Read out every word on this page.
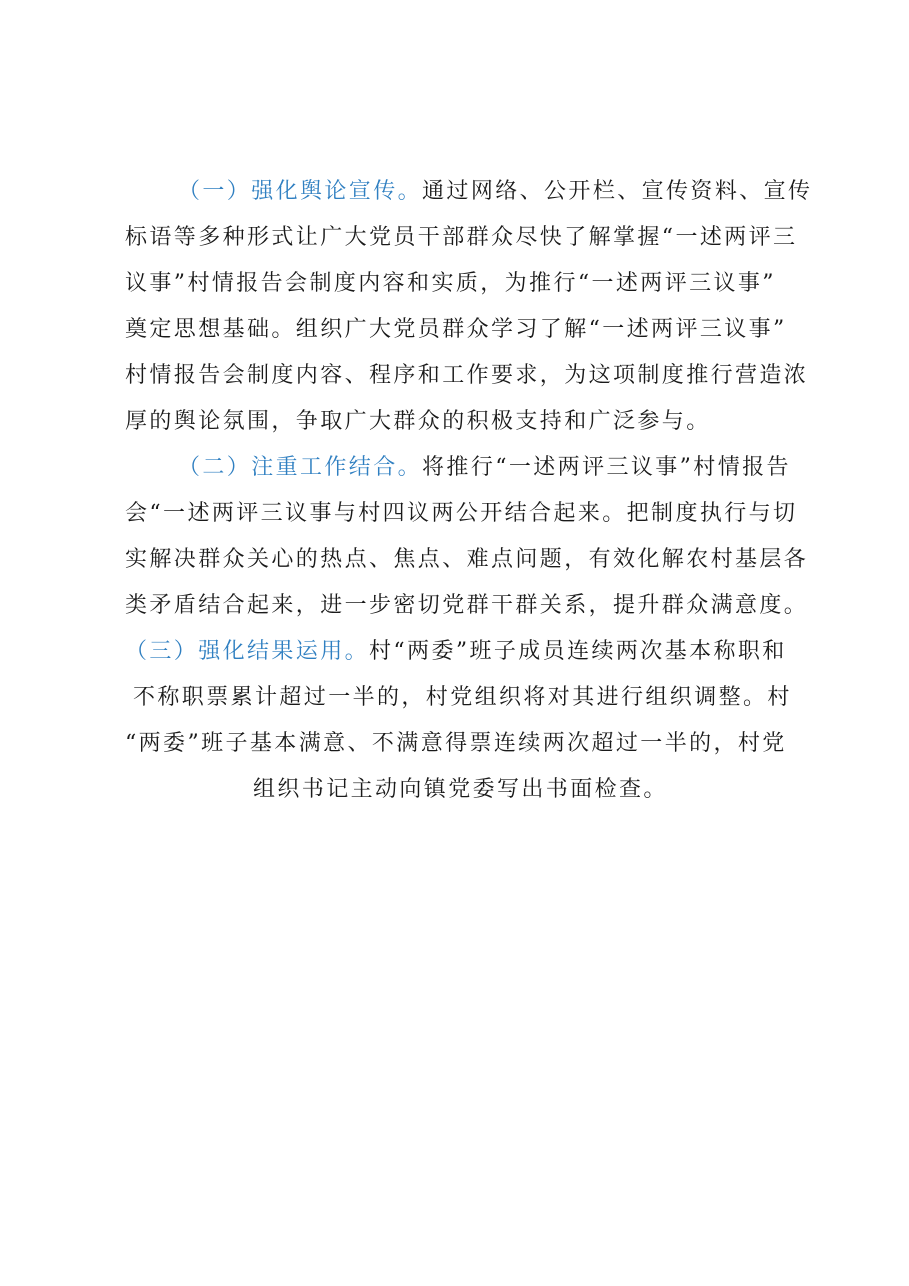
（一）强化舆论宣传。通过网络、公开栏、宣传资料、宣传
标语等多种形式让广大党员干部群众尽快了解掌握“一述两评三
议事”村情报告会制度内容和实质，为推行“一述两评三议事”
奠定思想基础。组织广大党员群众学习了解“一述两评三议事”
村情报告会制度内容、程序和工作要求，为这项制度推行营造浓
厚的舆论氛围，争取广大群众的积极支持和广泛参与。
（二）注重工作结合。将推行“一述两评三议事”村情报告
会“一述两评三议事与村四议两公开结合起来。把制度执行与切
实解决群众关心的热点、焦点、难点问题，有效化解农村基层各
类矛盾结合起来，进一步密切党群干群关系，提升群众满意度。
（三）强化结果运用。村“两委”班子成员连续两次基本称职和
不称职票累计超过一半的，村党组织将对其进行组织调整。村
“两委”班子基本满意、不满意得票连续两次超过一半的，村党
组织书记主动向镇党委写出书面检查。
